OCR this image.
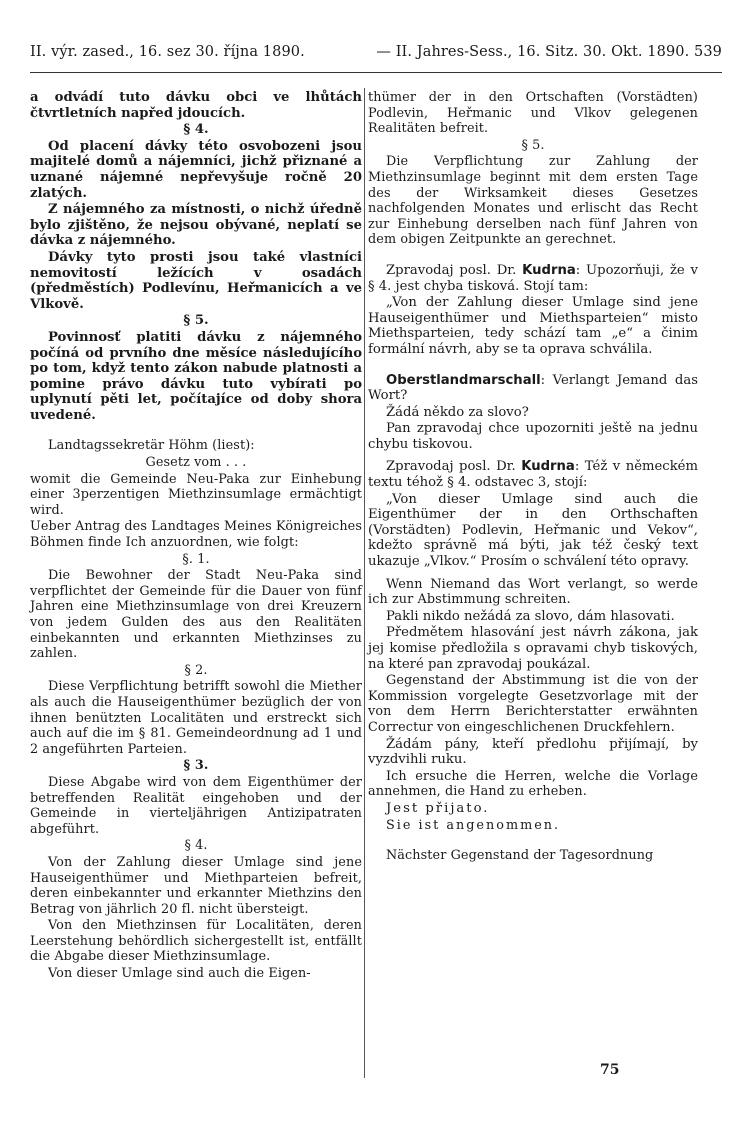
II. výr. zased., 16. sez 30. října 1890.	— II. Jahres-Sess., 16. Sitz. 30. Okt. 1890. 539

a odvádí tuto dávku obci ve lhůtách čtvrtletních napřed jdoucích.

§ 4.

Od placení dávky této osvobozeni jsou majitelé domů a nájemníci, jichž přiznané a uznané nájemné nepřevyšuje ročně 20 zlatých.

Z nájemného za místnosti, o nichž úředně bylo zjištěno, že nejsou obývané, neplatí se dávka z nájemného.

Dávky tyto prosti jsou také vlastníci nemovitostí ležících v osadách (předměstích) Podlevínu, Heřmanicích a ve Vlkově.

§ 5.

Povinnosť platiti dávku z nájemného počíná od prvního dne měsíce následujícího po tom, když tento zákon nabude platnosti a pomine právo dávku tuto vybírati po uplynutí pěti let, počítajíce od doby shora uvedené.

Landtagssekretär Höhm (liest):

Gesetz vom . . .

womit die Gemeinde Neu-Paka zur Einhebung einer 3perzentigen Miethzinsumlage ermächtigt wird.

Ueber Antrag des Landtages Meines Königreiches Böhmen finde Ich anzuordnen, wie folgt:

§. 1.

Die Bewohner der Stadt Neu-Paka sind verpflichtet der Gemeinde für die Dauer von fünf Jahren eine Miethzinsumlage von drei Kreuzern von jedem Gulden des aus den Realitäten einbekannten und erkannten Miethzinses zu zahlen.

§ 2.

Diese Verpflichtung betrifft sowohl die Miether als auch die Hauseigenthümer bezüglich der von ihnen benützten Localitäten und erstreckt sich auch auf die im § 81. Gemeindeordnung ad 1 und 2 angeführten Parteien.

§ 3.

Diese Abgabe wird von dem Eigenthümer der betreffenden Realität eingehoben und der Gemeinde in vierteljährigen Antizipatraten abgeführt.

§ 4.

Von der Zahlung dieser Umlage sind jene Hauseigenthümer und Miethparteien befreit, deren einbekannter und erkannter Miethzins den Betrag von jährlich 20 fl. nicht übersteigt.

Von den Miethzinsen für Localitäten, deren Leerstehung behördlich sichergestellt ist, entfällt die Abgabe dieser Miethzinsumlage.

Von dieser Umlage sind auch die Eigen-

thümer der in den Ortschaften (Vorstädten) Podlevin, Heřmanic und Vlkov gelegenen Realitäten befreit.

§ 5.

Die Verpflichtung zur Zahlung der Miethzinsumlage beginnt mit dem ersten Tage des der Wirksamkeit dieses Gesetzes nachfolgenden Monates und erlischt das Recht zur Einhebung derselben nach fünf Jahren von dem obigen Zeitpunkte an gerechnet.

Zpravodaj posl. Dr. Kudrna: Upozorňuji, že v § 4. jest chyba tisková. Stojí tam:

„Von der Zahlung dieser Umlage sind jene Hauseigenthümer und Miethsparteien“ misto Miethsparteien, tedy schází tam „e“ a činim formální návrh, aby se ta oprava schválila.

Oberstlandmarschall: Verlangt Jemand das Wort?

Žádá někdo za slovo?

Pan zpravodaj chce upozorniti ještě na jednu chybu tiskovou.

Zpravodaj posl. Dr. Kudrna: Též v německém textu téhož § 4. odstavec 3, stojí:

„Von dieser Umlage sind auch die Eigenthümer der in den Orthschaften (Vorstädten) Podlevin, Heřmanic und Vekov“, kdežto správně má býti, jak též český text ukazuje „Vlkov.“ Prosím o schválení této opravy.

Wenn Niemand das Wort verlangt, so werde ich zur Abstimmung schreiten.

Pakli nikdo nežádá za slovo, dám hlasovati.

Předmětem hlasování jest návrh zákona, jak jej komise předložila s opravami chyb tiskových, na které pan zpravodaj poukázal.

Gegenstand der Abstimmung ist die von der Kommission vorgelegte Gesetzvorlage mit der von dem Herrn Berichterstatter erwähnten Correctur von eingeschlichenen Druckfehlern.

Žádám pány, kteří předlohu přijímají, by vyzdvihli ruku.

Ich ersuche die Herren, welche die Vorlage annehmen, die Hand zu erheben.

Jest přijato.

Sie ist angenommen.

Nächster Gegenstand der Tagesordnung

75
